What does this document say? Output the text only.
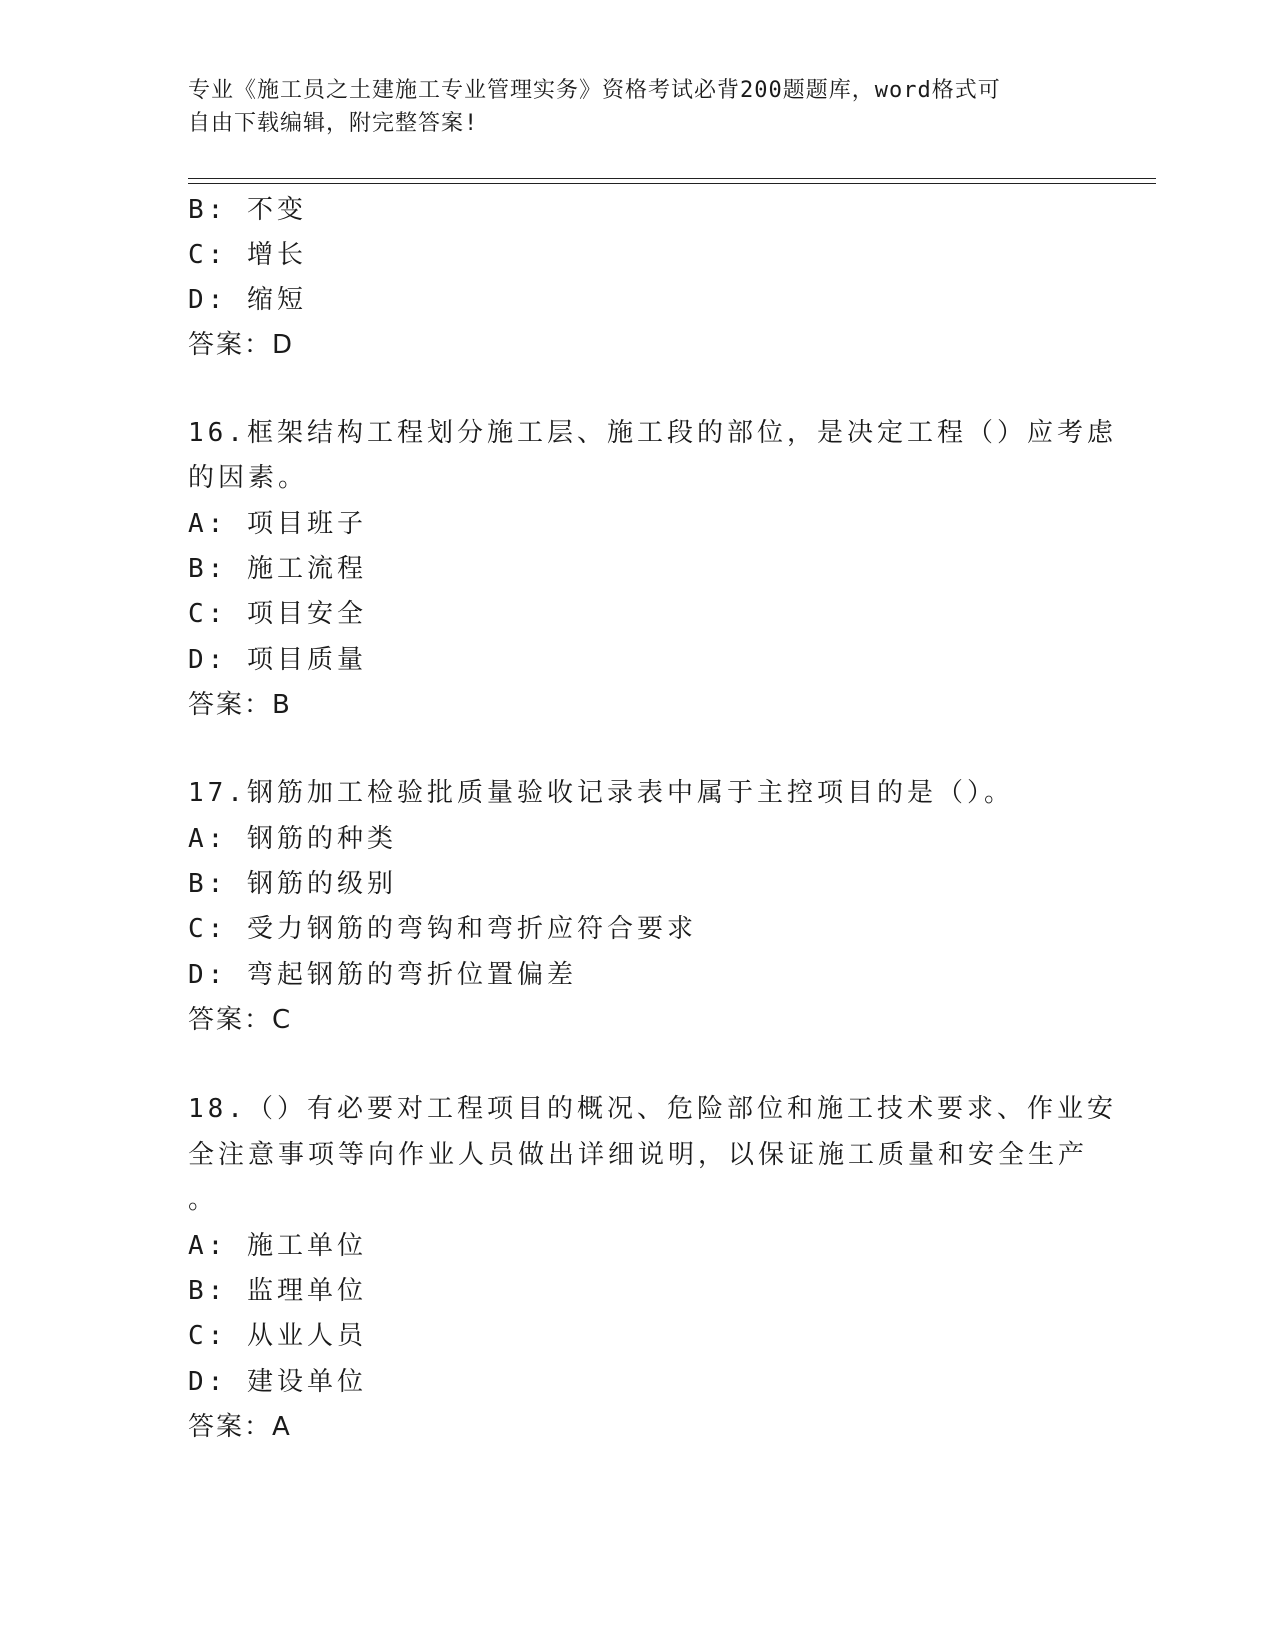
专业《施工员之土建施工专业管理实务》资格考试必背200题题库，word格式可
自由下载编辑，附完整答案!
B: 不变
C: 增长
D: 缩短
答案：D
16.框架结构工程划分施工层、施工段的部位，是决定工程（）应考虑
的因素。
A: 项目班子
B: 施工流程
C: 项目安全
D: 项目质量
答案：B
17.钢筋加工检验批质量验收记录表中属于主控项目的是（）。
A: 钢筋的种类
B: 钢筋的级别
C: 受力钢筋的弯钩和弯折应符合要求
D: 弯起钢筋的弯折位置偏差
答案：C
18.（）有必要对工程项目的概况、危险部位和施工技术要求、作业安
全注意事项等向作业人员做出详细说明，以保证施工质量和安全生产
。
A: 施工单位
B: 监理单位
C: 从业人员
D: 建设单位
答案：A
